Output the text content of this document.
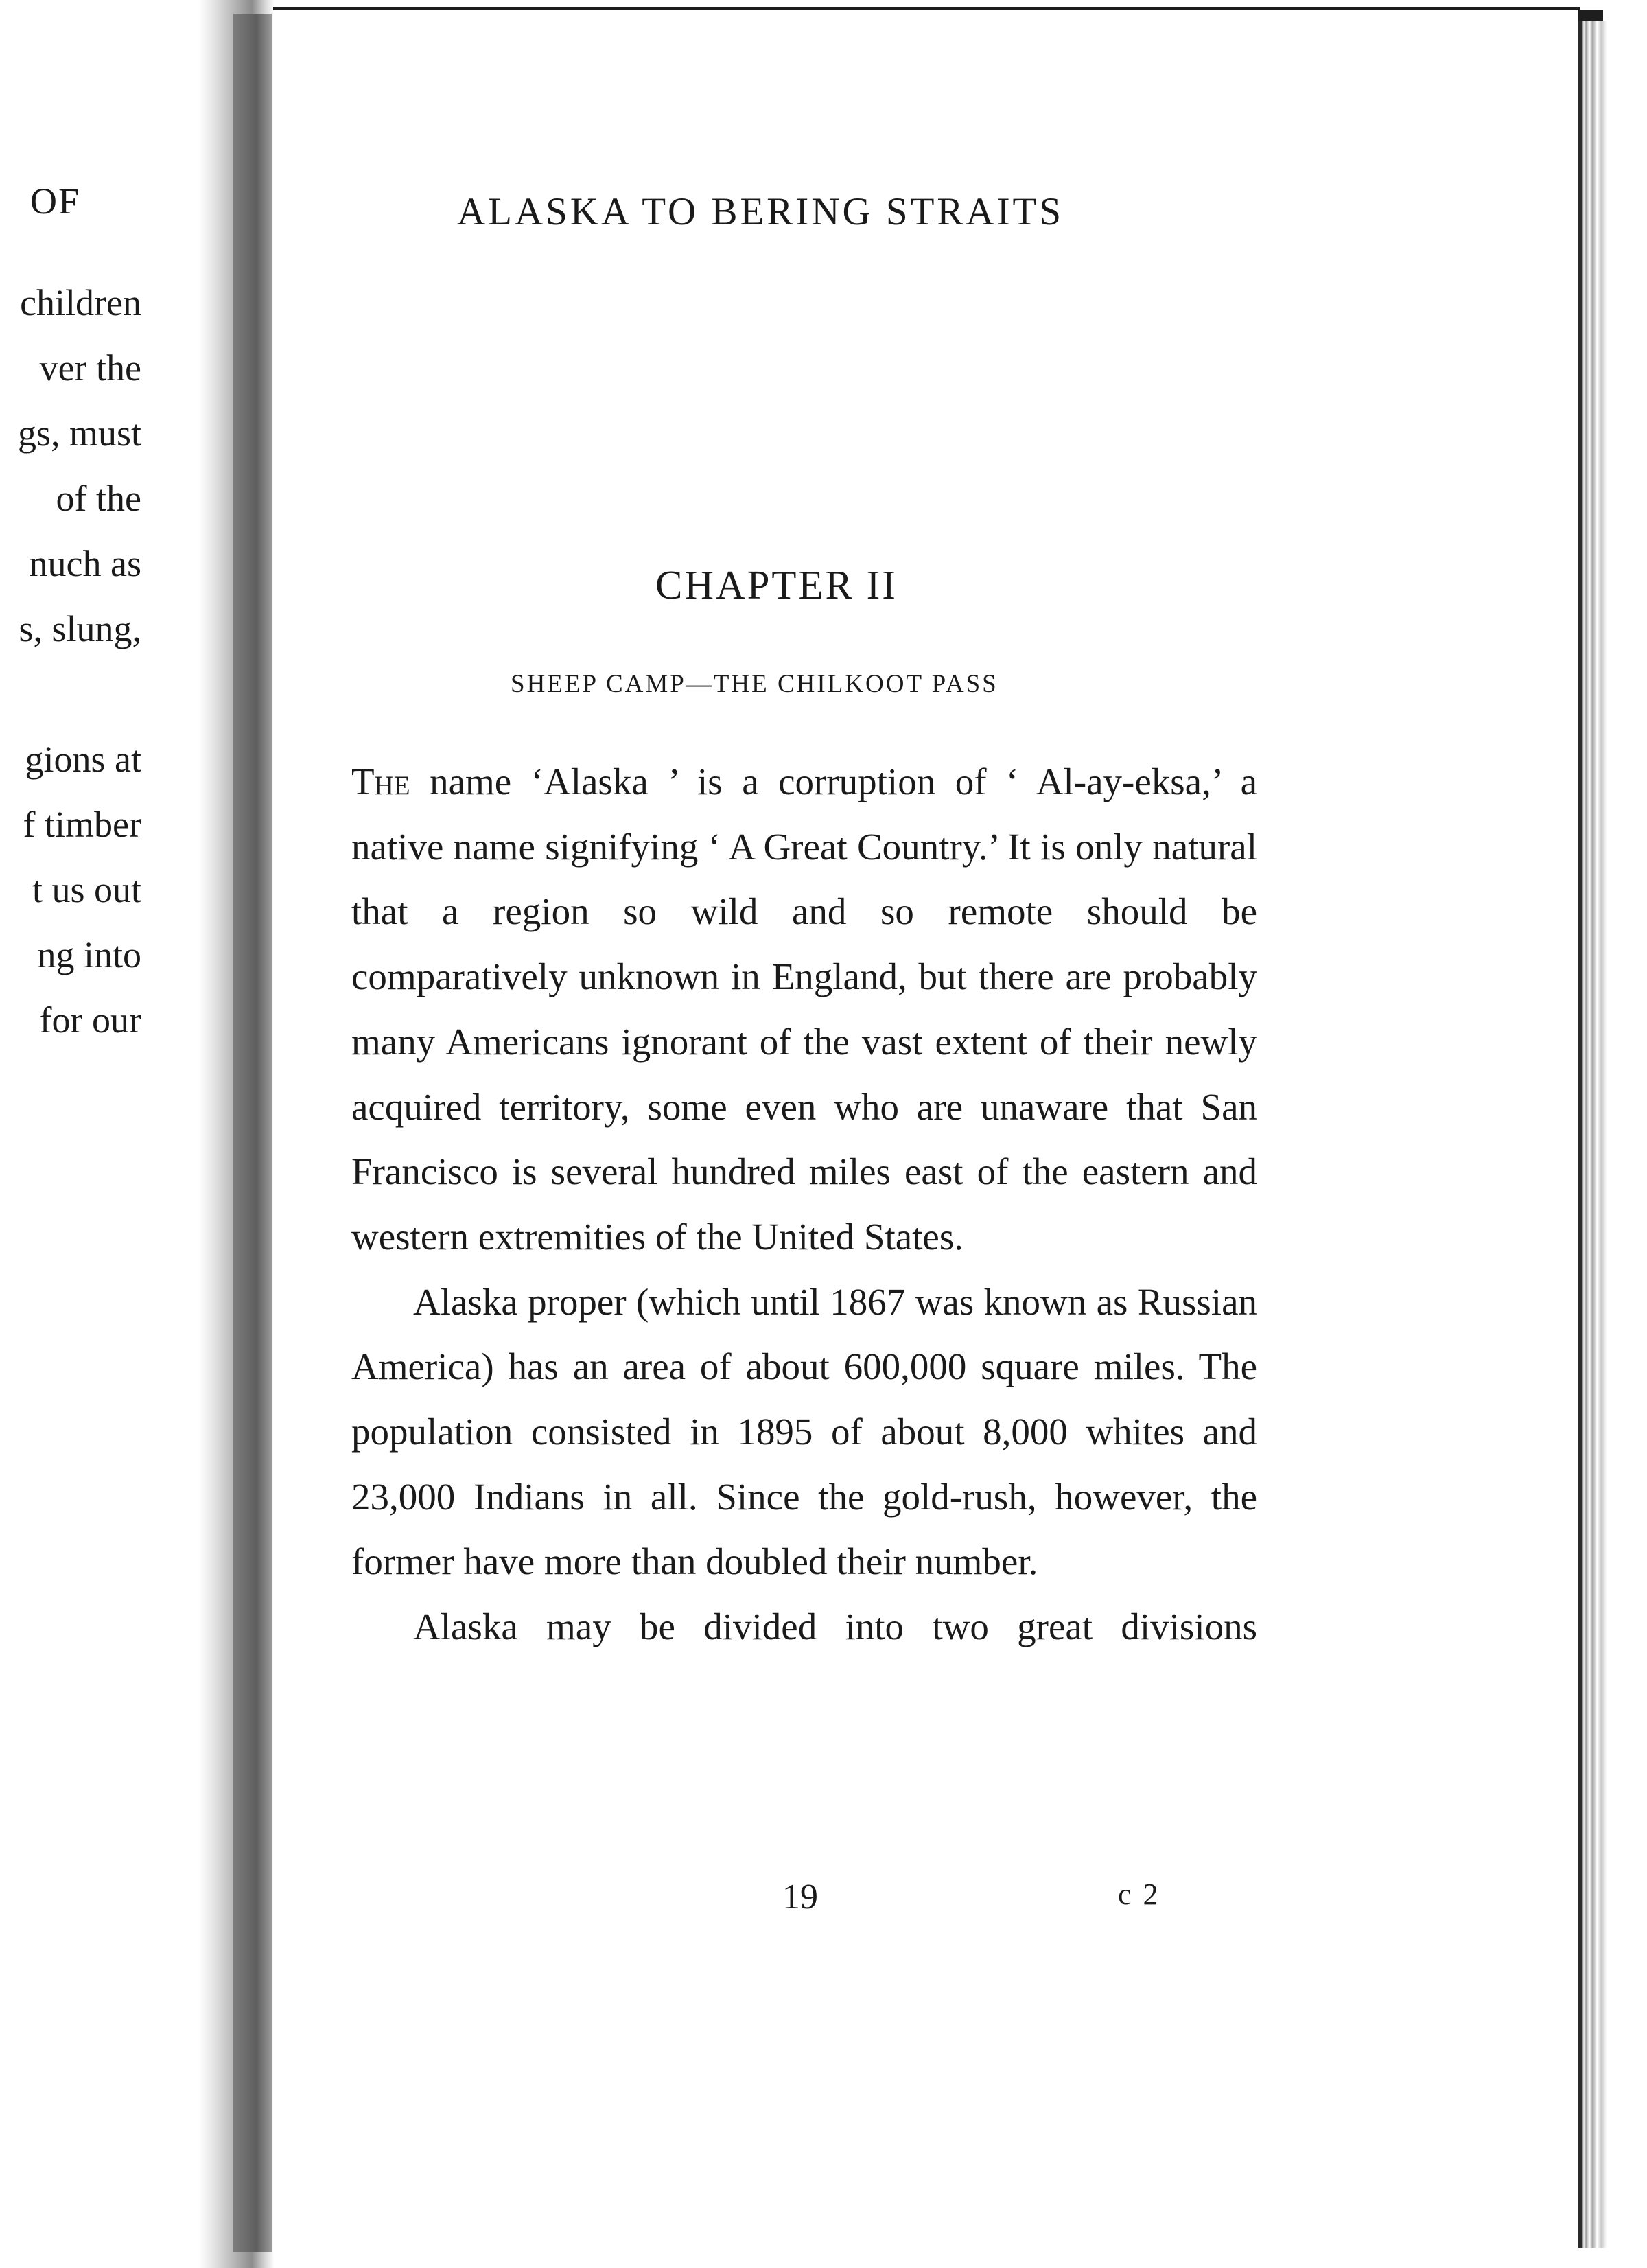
OF
children
ver the
gs, must
of the
nuch as
s, slung,
gions at
f timber
t us out
ng into
for our
ALASKA TO BERING STRAITS
CHAPTER II
SHEEP CAMP—THE CHILKOOT PASS

The name ‘Alaska ’ is a corruption of ‘ Al-ay-eksa,’ a native name signifying ‘ A Great Country.’ It is only natural that a region so wild and so remote should be comparatively unknown in England, but there are probably many Americans ignorant of the vast extent of their newly acquired territory, some even who are unaware that San Francisco is several hundred miles east of the eastern and western extremities of the United States.

Alaska proper (which until 1867 was known as Russian America) has an area of about 600,000 square miles. The population consisted in 1895 of about 8,000 whites and 23,000 Indians in all. Since the gold-rush, however, the former have more than doubled their number.

Alaska may be divided into two great divisions

19	c 2
